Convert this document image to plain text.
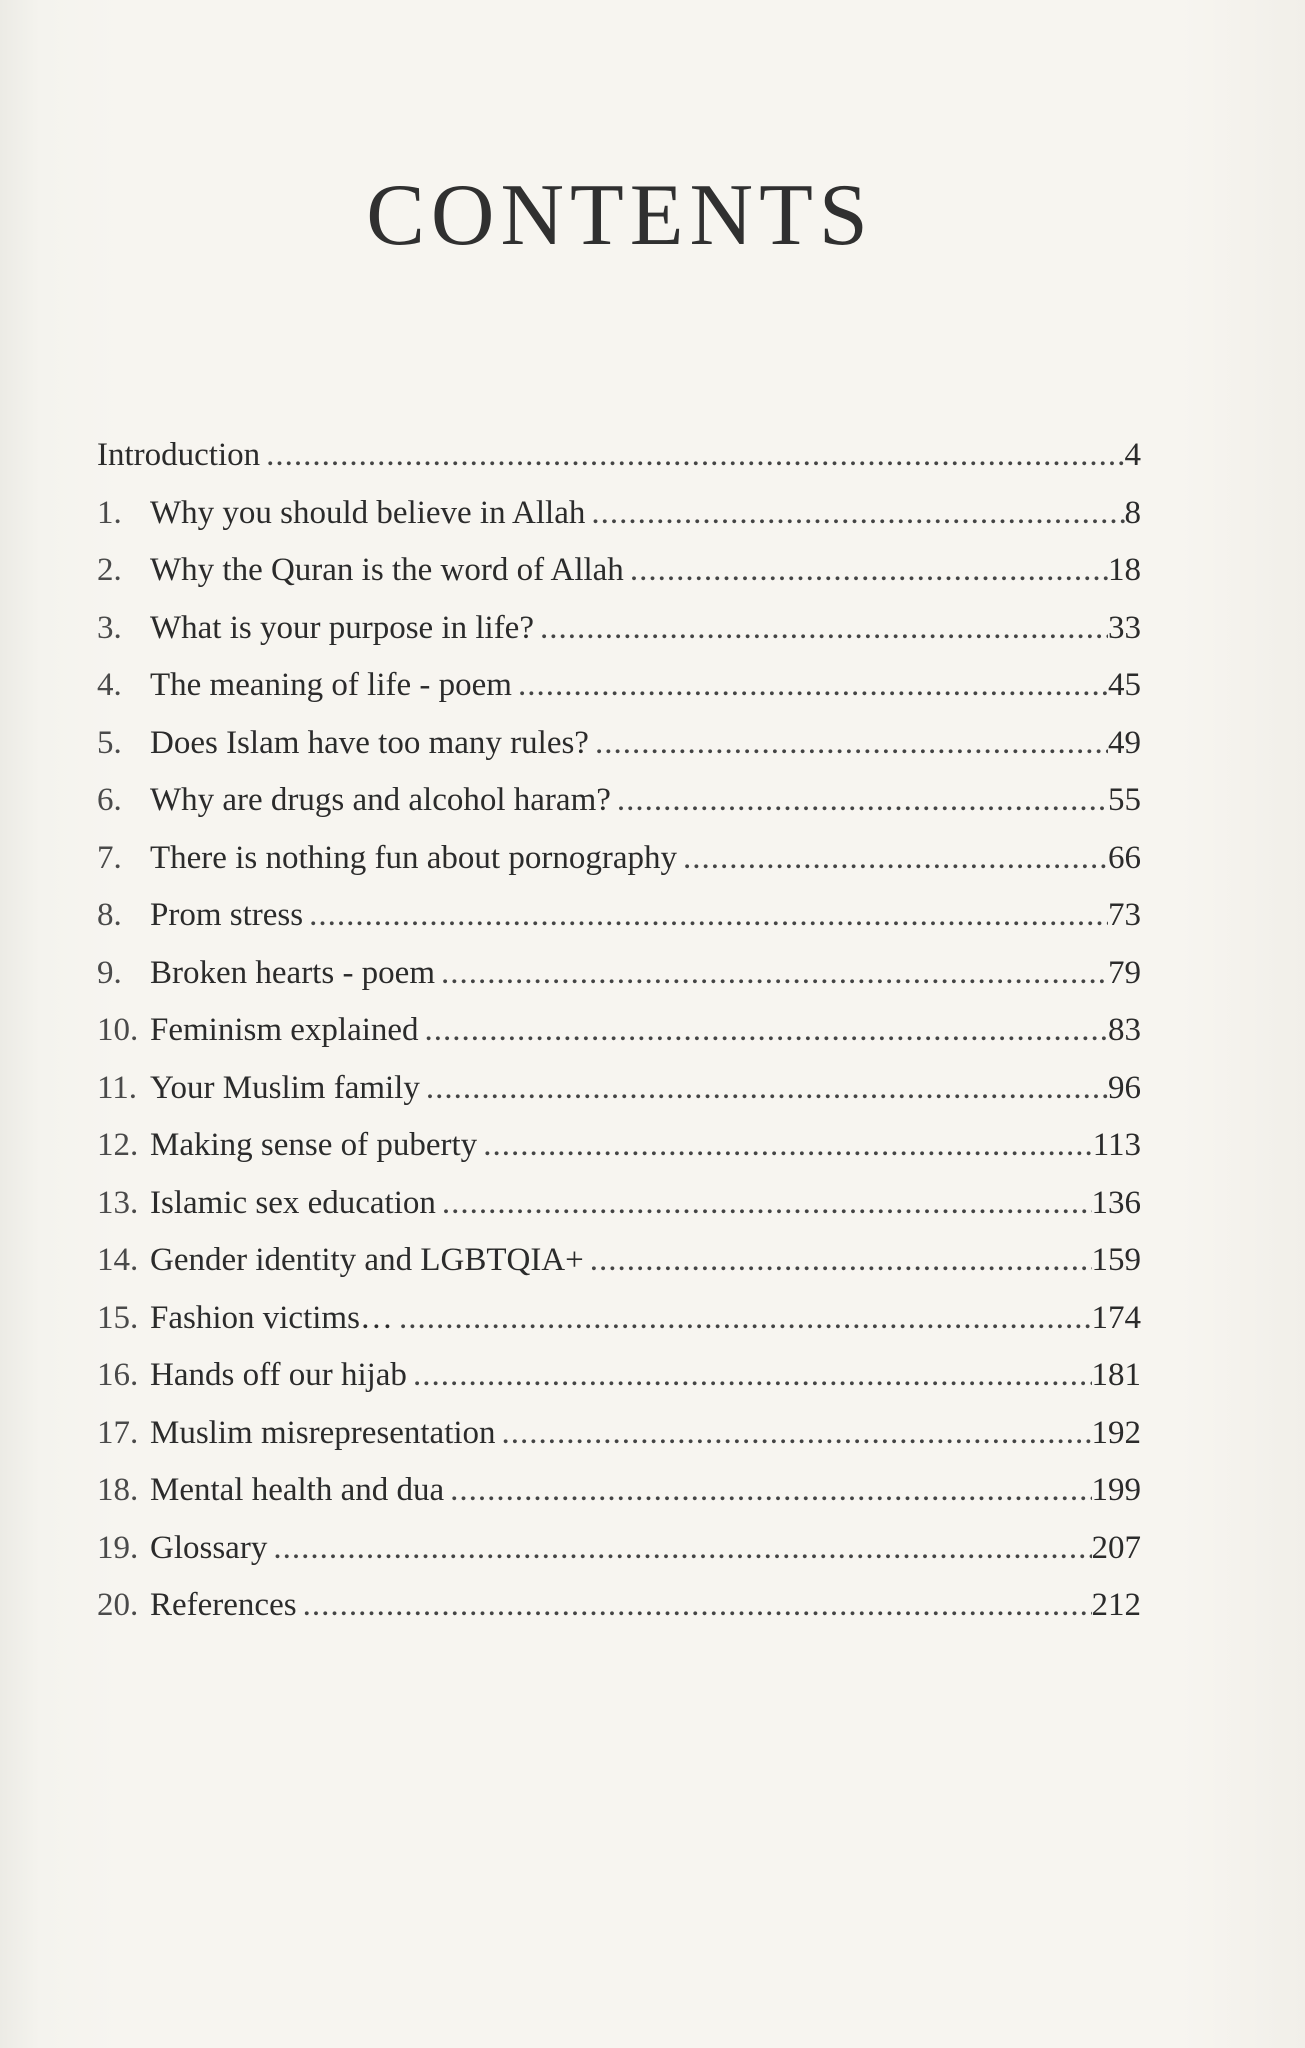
CONTENTS
Introduction .....	4
1. Why you should believe in Allah .....	8
2. Why the Quran is the word of Allah .....	18
3. What is your purpose in life? .....	33
4. The meaning of life - poem .....	45
5. Does Islam have too many rules? .....	49
6. Why are drugs and alcohol haram? .....	55
7. There is nothing fun about pornography .....	66
8. Prom stress .....	73
9. Broken hearts - poem .....	79
10. Feminism explained .....	83
11. Your Muslim family .....	96
12. Making sense of puberty .....	113
13. Islamic sex education .....	136
14. Gender identity and LGBTQIA+ .....	159
15. Fashion victims… .....	174
16. Hands off our hijab .....	181
17. Muslim misrepresentation .....	192
18. Mental health and dua .....	199
19. Glossary .....	207
20. References .....	212
